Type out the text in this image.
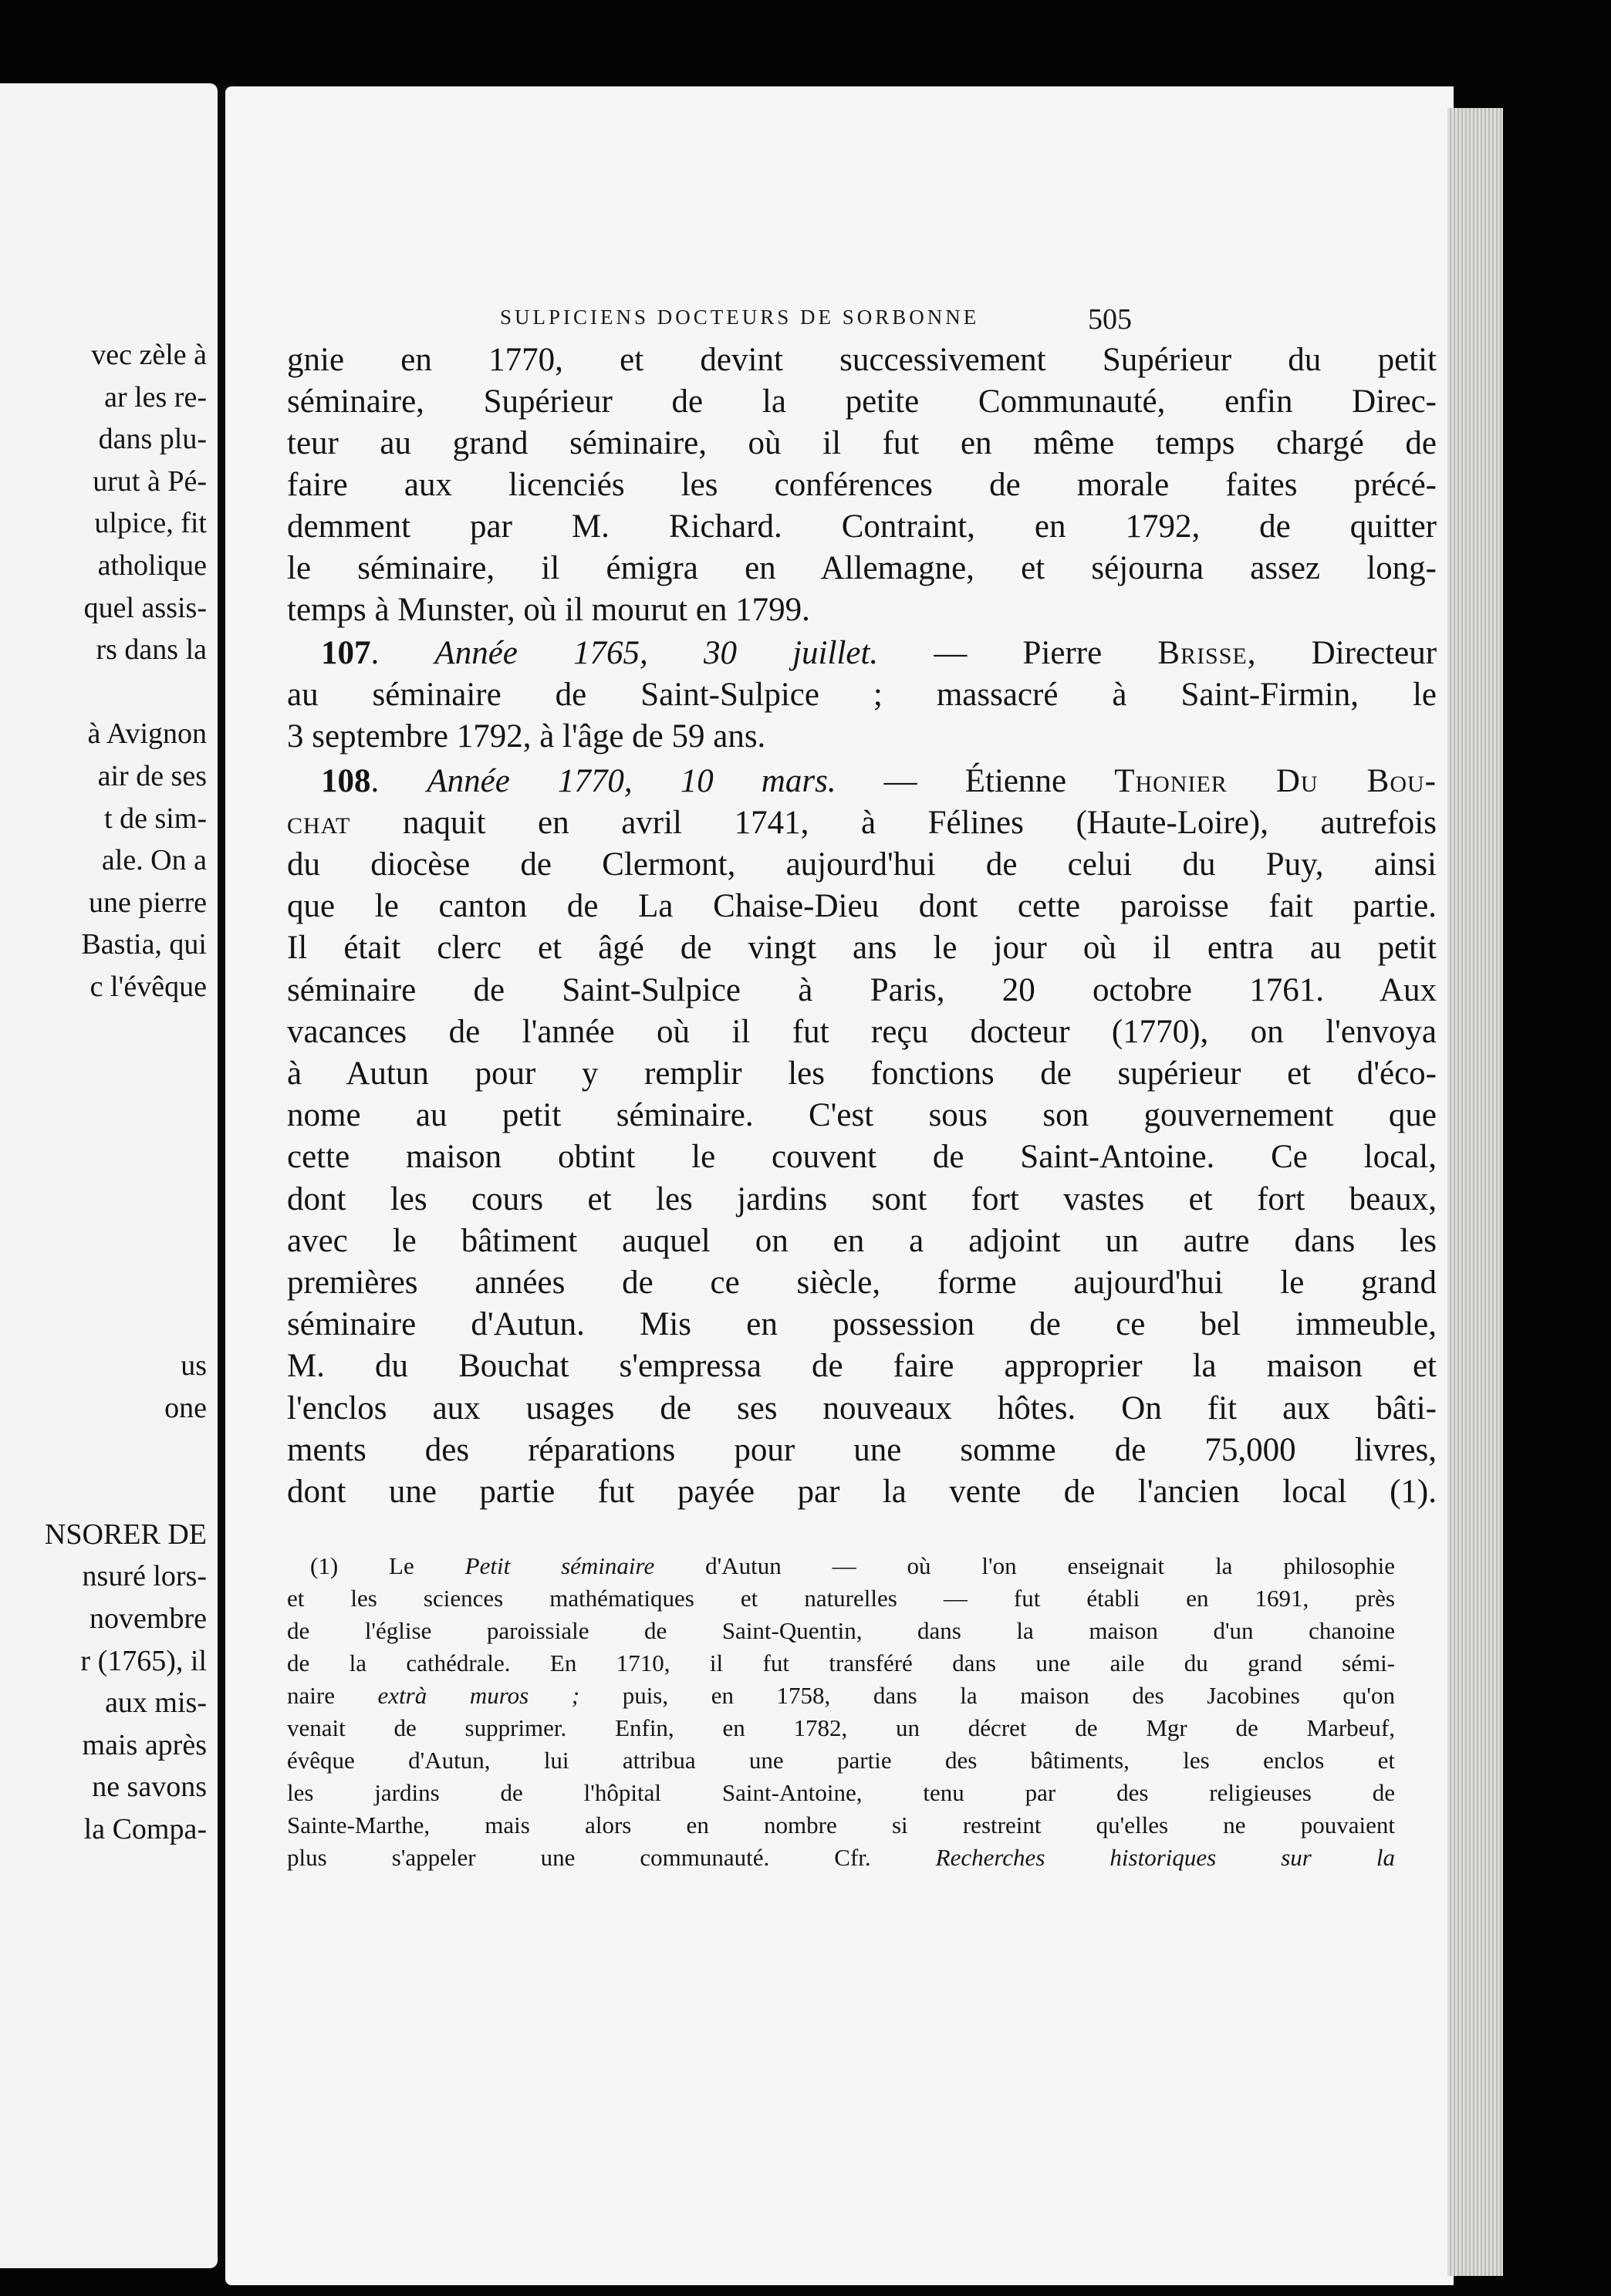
vec zèle à
ar les re-
dans plu-
urut à Pé-
ulpice, fit
atholique
quel assis-
rs dans la
à Avignon
air de ses
t de sim-
ale. On a
une pierre
Bastia, qui
c l'évêque
us
one
NSORER DE
nsuré lors-
novembre
r (1765), il
aux mis-
mais après
ne savons
la Compa-
SULPICIENS DOCTEURS DE SORBONNE	505
gnie en 1770, et devint successivement Supérieur du petit
séminaire, Supérieur de la petite Communauté, enfin Direc-
teur au grand séminaire, où il fut en même temps chargé de
faire aux licenciés les conférences de morale faites précé-
demment par M. Richard. Contraint, en 1792, de quitter
le séminaire, il émigra en Allemagne, et séjourna assez long-
temps à Munster, où il mourut en 1799.
107. Année 1765, 30 juillet. — Pierre Brisse, Directeur
au séminaire de Saint-Sulpice ; massacré à Saint-Firmin, le
3 septembre 1792, à l'âge de 59 ans.
108. Année 1770, 10 mars. — Étienne Thonier Du Bou-
chat naquit en avril 1741, à Félines (Haute-Loire), autrefois
du diocèse de Clermont, aujourd'hui de celui du Puy, ainsi
que le canton de La Chaise-Dieu dont cette paroisse fait partie.
Il était clerc et âgé de vingt ans le jour où il entra au petit
séminaire de Saint-Sulpice à Paris, 20 octobre 1761. Aux
vacances de l'année où il fut reçu docteur (1770), on l'envoya
à Autun pour y remplir les fonctions de supérieur et d'éco-
nome au petit séminaire. C'est sous son gouvernement que
cette maison obtint le couvent de Saint-Antoine. Ce local,
dont les cours et les jardins sont fort vastes et fort beaux,
avec le bâtiment auquel on en a adjoint un autre dans les
premières années de ce siècle, forme aujourd'hui le grand
séminaire d'Autun. Mis en possession de ce bel immeuble,
M. du Bouchat s'empressa de faire approprier la maison et
l'enclos aux usages de ses nouveaux hôtes. On fit aux bâti-
ments des réparations pour une somme de 75,000 livres,
dont une partie fut payée par la vente de l'ancien local (1).
(1) Le Petit séminaire d'Autun — où l'on enseignait la philosophie
et les sciences mathématiques et naturelles — fut établi en 1691, près
de l'église paroissiale de Saint-Quentin, dans la maison d'un chanoine
de la cathédrale. En 1710, il fut transféré dans une aile du grand sémi-
naire extrà muros ; puis, en 1758, dans la maison des Jacobines qu'on
venait de supprimer. Enfin, en 1782, un décret de Mgr de Marbeuf,
évêque d'Autun, lui attribua une partie des bâtiments, les enclos et
les jardins de l'hôpital Saint-Antoine, tenu par des religieuses de
Sainte-Marthe, mais alors en nombre si restreint qu'elles ne pouvaient
plus s'appeler une communauté. Cfr. Recherches historiques sur la
